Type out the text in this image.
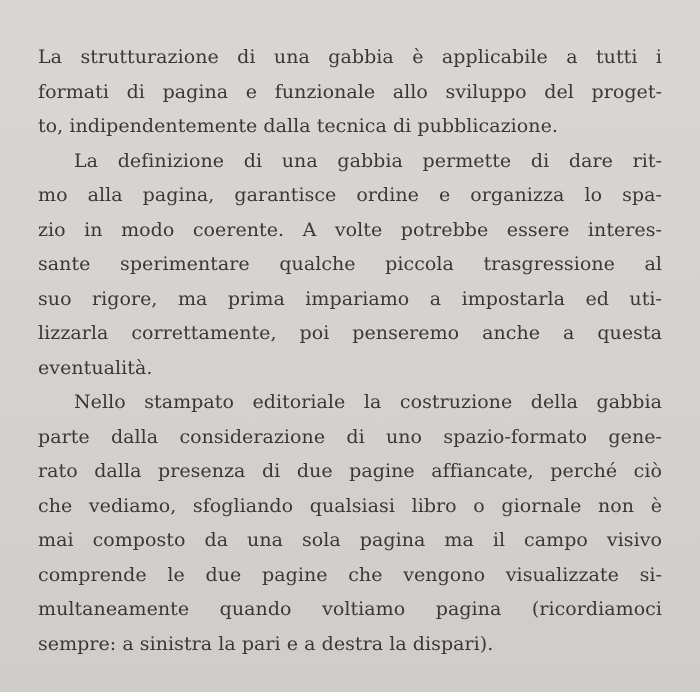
La strutturazione di una gabbia è applicabile a tutti i
formati di pagina e funzionale allo sviluppo del proget-
to, indipendentemente dalla tecnica di pubblicazione.
La definizione di una gabbia permette di dare rit-
mo alla pagina, garantisce ordine e organizza lo spa-
zio in modo coerente. A volte potrebbe essere interes-
sante sperimentare qualche piccola trasgressione al
suo rigore, ma prima impariamo a impostarla ed uti-
lizzarla correttamente, poi penseremo anche a questa
eventualità.
Nello stampato editoriale la costruzione della gabbia
parte dalla considerazione di uno spazio-formato gene-
rato dalla presenza di due pagine affiancate, perché ciò
che vediamo, sfogliando qualsiasi libro o giornale non è
mai composto da una sola pagina ma il campo visivo
comprende le due pagine che vengono visualizzate si-
multaneamente quando voltiamo pagina (ricordiamoci
sempre: a sinistra la pari e a destra la dispari).
